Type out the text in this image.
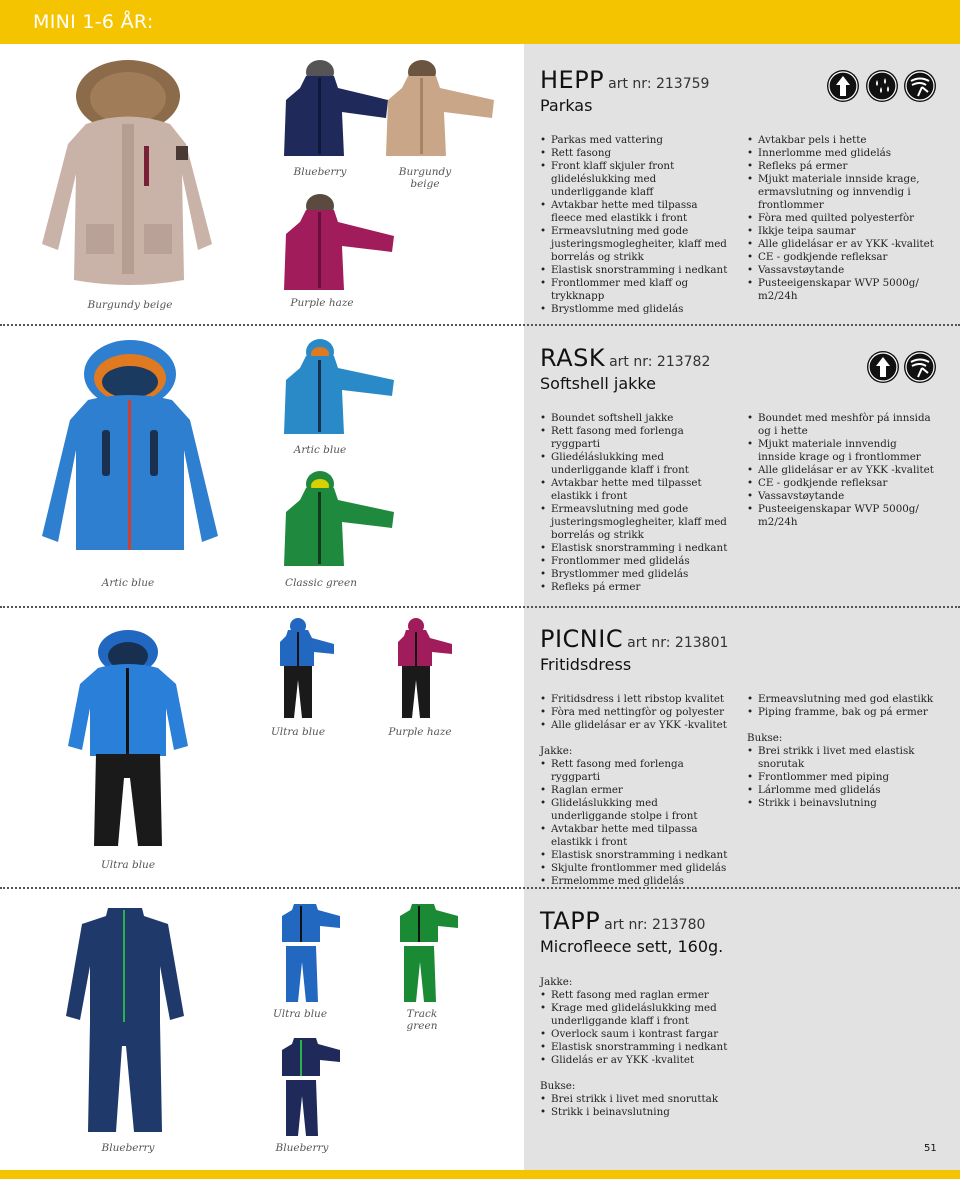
MINI 1-6 ÅR:
Burgundy beige
Blueberry	Burgundy beige
Purple haze
HEPP art nr: 213759
Parkas
• Parkas med vattering
• Rett fasong
• Front klaff skjuler front glideléslukking med underliggande klaff
• Avtakbar hette med tilpassa fleece med elastikk i front
• Ermeavslutning med gode justeringsmoglegheiter, klaff med borrelás og strikk
• Elastisk snorstramming i nedkant
• Frontlommer med klaff og trykknapp
• Brystlomme med glidelás
• Avtakbar pels i hette
• Innerlomme med glidelás
• Refleks pá ermer
• Mjukt materiale innside krage, ermavslutning og innvendig i frontlommer
• Fòra med quilted polyesterfòr
• Ikkje teipa saumar
• Alle glidelásar er av YKK -kvalitet
• CE - godkjende refleksar
• Vassavstøytande
• Pusteeigenskapar WVP 5000g/ m2/24h
Artic blue
Artic blue
Classic green
RASK art nr: 213782
Softshell jakke
• Boundet softshell jakke
• Rett fasong med forlenga ryggparti
• Gliedéláslukking med underliggande klaff i front
• Avtakbar hette med tilpasset elastikk i front
• Ermeavslutning med gode justeringsmoglegheiter, klaff med borrelás og strikk
• Elastisk snorstramming i nedkant
• Frontlommer med glidelás
• Brystlommer med glidelás
• Refleks pá ermer
• Boundet med meshfòr pá innsida og i hette
• Mjukt materiale innvendig innside krage og i frontlommer
• Alle glidelásar er av YKK -kvalitet
• CE - godkjende refleksar
• Vassavstøytande
• Pusteeigenskapar WVP 5000g/ m2/24h
Ultra blue
Ultra blue	Purple haze
PICNIC art nr: 213801
Fritidsdress
• Fritidsdress i lett ribstop kvalitet
• Fòra med nettingfòr og polyester
• Alle glidelásar er av YKK -kvalitet
Jakke:
• Rett fasong med forlenga ryggparti
• Raglan ermer
• Glideláslukking med underliggande stolpe i front
• Avtakbar hette med tilpassa elastikk i front
• Elastisk snorstramming i nedkant
• Skjulte frontlommer med glidelás
• Ermelomme med glidelás
• Ermeavslutning med god elastikk
• Piping framme, bak og pá ermer
Bukse:
• Brei strikk i livet med elastisk snorutak
• Frontlommer med piping
• Lárlomme med glidelás
• Strikk i beinavslutning
Blueberry
Ultra blue	Track green
Blueberry
TAPP art nr: 213780
Microfleece sett, 160g.
Jakke:
• Rett fasong med raglan ermer
• Krage med glideláslukking med underliggande klaff i front
• Overlock saum i kontrast fargar
• Elastisk snorstramming i nedkant
• Glidelás er av YKK -kvalitet
Bukse:
• Brei strikk i livet med snoruttak
• Strikk i beinavslutning
51
